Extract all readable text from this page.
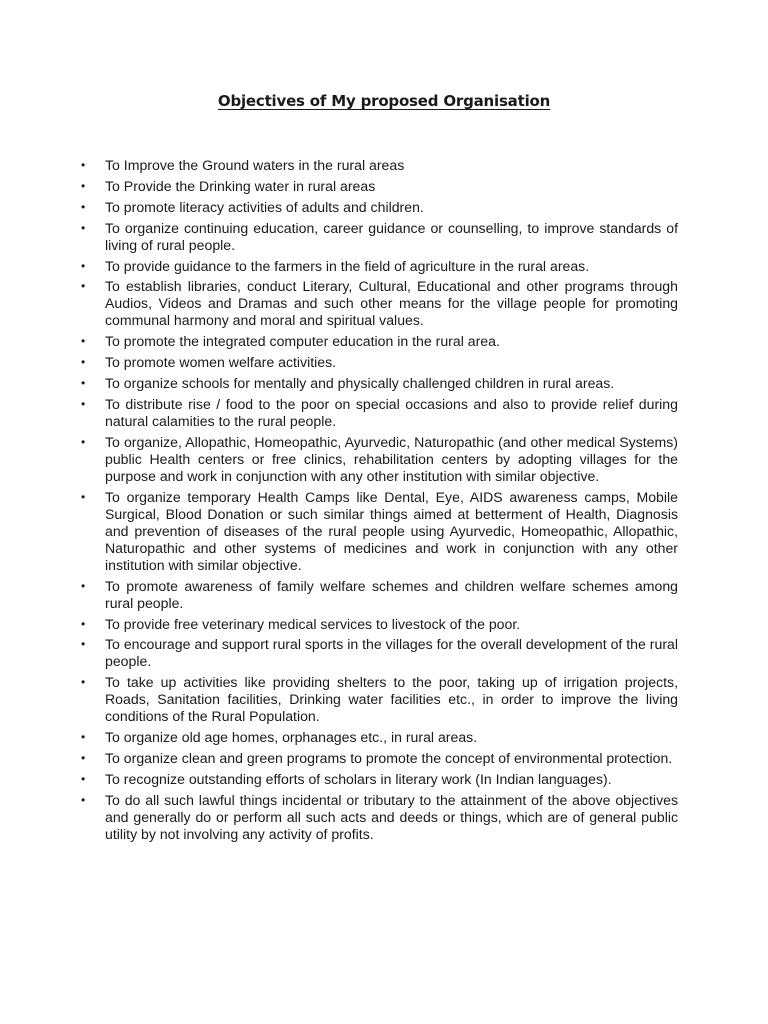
Objectives of My proposed Organisation
• To Improve the Ground waters in the rural areas
• To Provide the Drinking water in rural areas
• To promote literacy activities of adults and children.
• To organize continuing education, career guidance or counselling, to improve standards of living of rural people.
• To provide guidance to the farmers in the field of agriculture in the rural areas.
• To establish libraries, conduct Literary, Cultural, Educational and other programs through Audios, Videos and Dramas and such other means for the village people for promoting communal harmony and moral and spiritual values.
• To promote the integrated computer education in the rural area.
• To promote women welfare activities.
• To organize schools for mentally and physically challenged children in rural areas.
• To distribute rise / food to the poor on special occasions and also to provide relief during natural calamities to the rural people.
• To organize, Allopathic, Homeopathic, Ayurvedic, Naturopathic (and other medical Systems) public Health centers or free clinics, rehabilitation centers by adopting villages for the purpose and work in conjunction with any other institution with similar objective.
• To organize temporary Health Camps like Dental, Eye, AIDS awareness camps, Mobile Surgical, Blood Donation or such similar things aimed at betterment of Health, Diagnosis and prevention of diseases of the rural people using Ayurvedic, Homeopathic, Allopathic, Naturopathic and other systems of medicines and work in conjunction with any other institution with similar objective.
• To promote awareness of family welfare schemes and children welfare schemes among rural people.
• To provide free veterinary medical services to livestock of the poor.
• To encourage and support rural sports in the villages for the overall development of the rural people.
• To take up activities like providing shelters to the poor, taking up of irrigation projects, Roads, Sanitation facilities, Drinking water facilities etc., in order to improve the living conditions of the Rural Population.
• To organize old age homes, orphanages etc., in rural areas.
• To organize clean and green programs to promote the concept of environmental protection.
• To recognize outstanding efforts of scholars in literary work (In Indian languages).
• To do all such lawful things incidental or tributary to the attainment of the above objectives and generally do or perform all such acts and deeds or things, which are of general public utility by not involving any activity of profits.
